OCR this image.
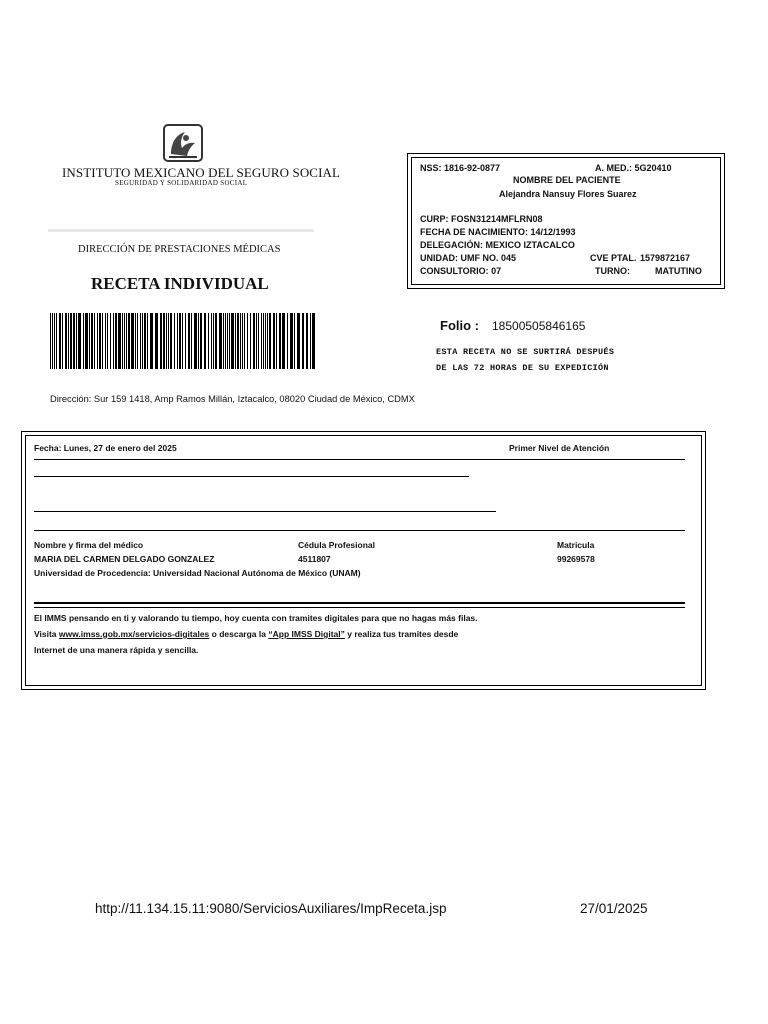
INSTITUTO MEXICANO DEL SEGURO SOCIAL
SEGURIDAD Y SOLIDARIDAD SOCIAL
DIRECCIÓN DE PRESTACIONES MÉDICAS
RECETA INDIVIDUAL
NSS: 1816-92-0877	A. MED.: 5G20410
NOMBRE DEL PACIENTE
Alejandra Nansuy Flores Suarez
CURP: FOSN31214MFLRN08
FECHA DE NACIMIENTO: 14/12/1993
DELEGACIÓN: MEXICO IZTACALCO
UNIDAD: UMF NO. 045	CVE PTAL. 1579872167
CONSULTORIO: 07	TURNO:	MATUTINO
Folio : 18500505846165
ESTA RECETA NO SE SURTIRÁ DESPUÉS
DE LAS 72 HORAS DE SU EXPEDICIÓN
Dirección: Sur 159 1418, Amp Ramos Millán, Iztacalco, 08020 Ciudad de México, CDMX
Fecha: Lunes, 27 de enero del 2025	Primer Nivel de Atención
Nombre y firma del médico	Cédula Profesional	Matricula
MARIA DEL CARMEN DELGADO GONZALEZ	4511807	99269578
Universidad de Procedencia: Universidad Nacional Autónoma de México (UNAM)
El IMMS pensando en ti y valorando tu tiempo, hoy cuenta con tramites digitales para que no hagas más filas.
Visita www.imss.gob.mx/servicios-digitales o descarga la “App IMSS Digital” y realiza tus tramites desde
Internet de una manera rápida y sencilla.
http://11.134.15.11:9080/ServiciosAuxiliares/ImpReceta.jsp	27/01/2025
